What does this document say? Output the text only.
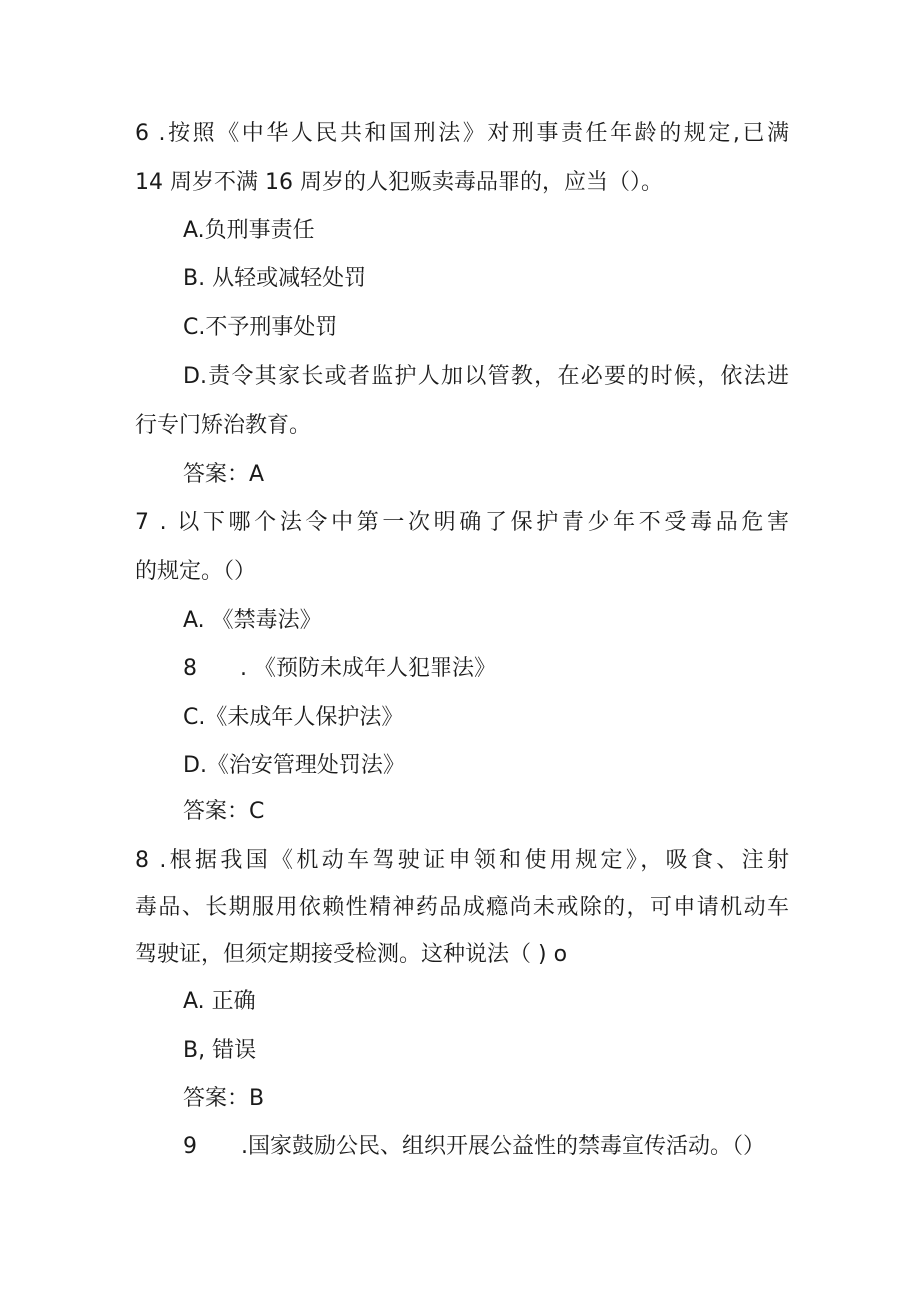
6 .按照《中华人民共和国刑法》对刑事责任年龄的规定,已满
14 周岁不满 16 周岁的人犯贩卖毒品罪的，应当（）。
A.负刑事责任
B. 从轻或减轻处罚
C.不予刑事处罚
D.责令其家长或者监护人加以管教，在必要的时候，依法进
行专门矫治教育。
答案：A
7 . 以下哪个法令中第一次明确了保护青少年不受毒品危害
的规定。（）
A. 《禁毒法》
8 . 《预防未成年人犯罪法》
C.《未成年人保护法》
D.《治安管理处罚法》
答案：C
8 .根据我国《机动车驾驶证申领和使用规定》，吸食、注射
毒品、长期服用依赖性精神药品成瘾尚未戒除的，可申请机动车
驾驶证，但须定期接受检测。这种说法（ ) o
A. 正确
B, 错误
答案：B
9 .国家鼓励公民、组织开展公益性的禁毒宣传活动。（）
